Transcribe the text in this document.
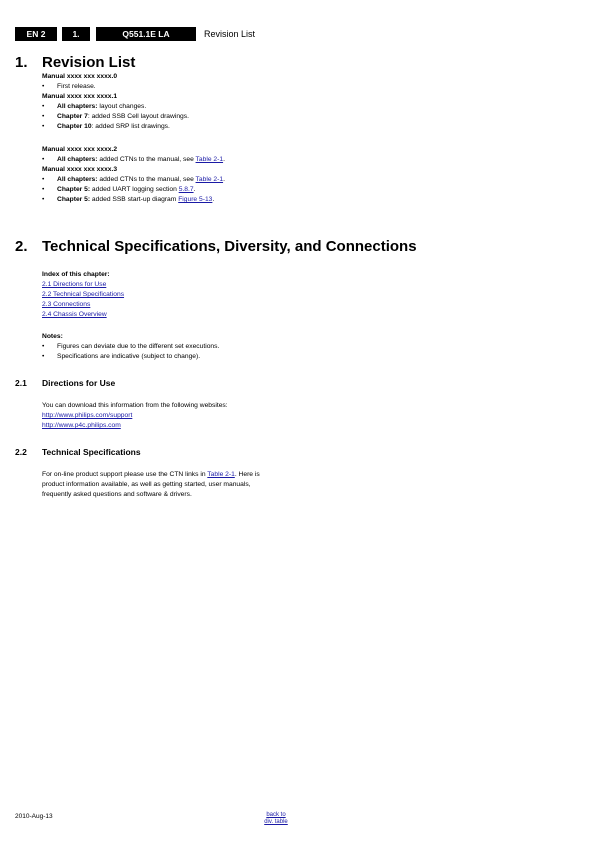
EN 2	1.	Q551.1E LA	Revision List
1. Revision List
Manual xxxx xxx xxxx.0
• First release.
Manual xxxx xxx xxxx.1
• All chapters: layout changes.
• Chapter 7: added SSB Cell layout drawings.
• Chapter 10: added SRP list drawings.
Manual xxxx xxx xxxx.2
• All chapters: added CTNs to the manual, see Table 2-1.
Manual xxxx xxx xxxx.3
• All chapters: added CTNs to the manual, see Table 2-1.
• Chapter 5: added UART logging section 5.8.7.
• Chapter 5: added SSB start-up diagram Figure 5-13.
2. Technical Specifications, Diversity, and Connections
Index of this chapter:
2.1 Directions for Use
2.2 Technical Specifications
2.3 Connections
2.4 Chassis Overview
Notes:
• Figures can deviate due to the different set executions.
• Specifications are indicative (subject to change).
2.1 Directions for Use
You can download this information from the following websites:
http://www.philips.com/support
http://www.p4c.philips.com
2.2 Technical Specifications
For on-line product support please use the CTN links in Table 2-1. Here is product information available, as well as getting started, user manuals, frequently asked questions and software & drivers.
2010-Aug-13	back to
div. table
